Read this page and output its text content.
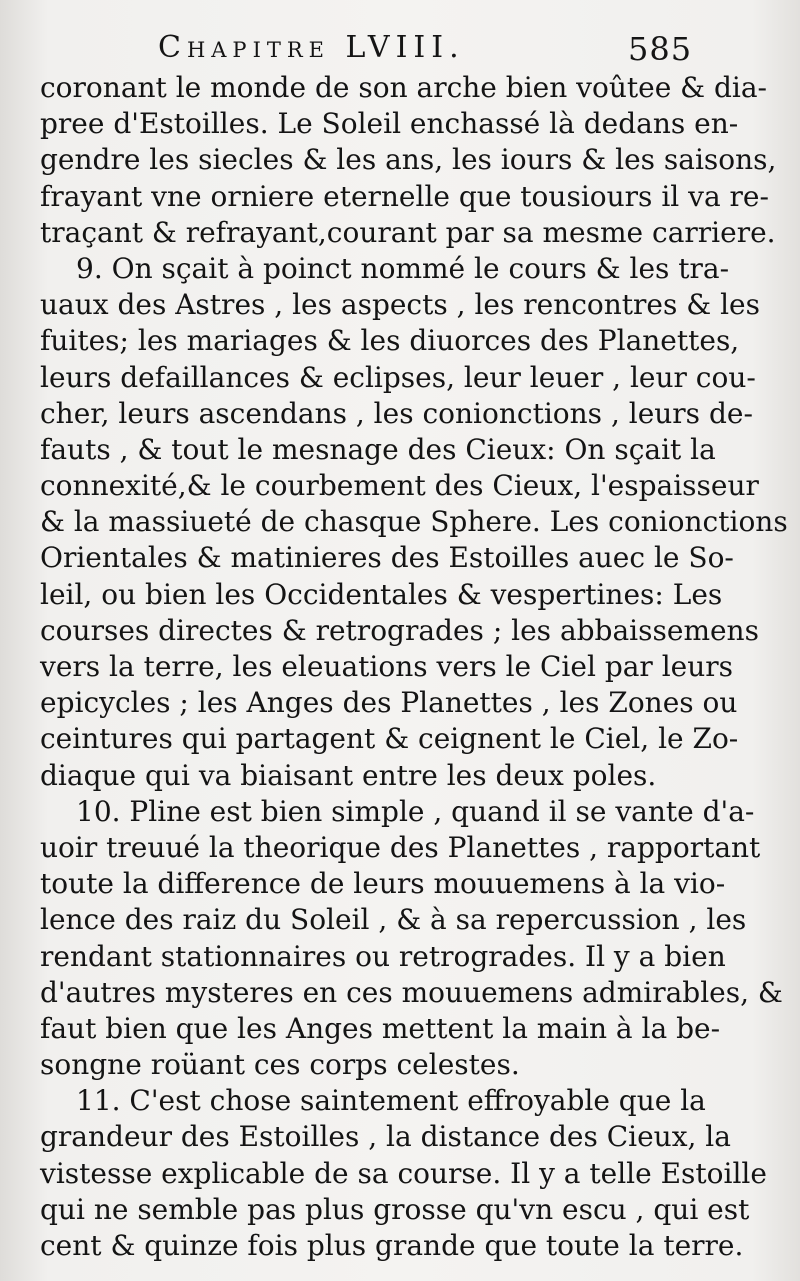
Chapitre LVIII.	585
coronant le monde de son arche bien voûtee & dia-
pree d'Estoilles. Le Soleil enchassé là dedans en-
gendre les siecles & les ans, les iours & les saisons,
frayant vne orniere eternelle que tousiours il va re-
traçant & refrayant,courant par sa mesme carriere.
9. On sçait à poinct nommé le cours & les tra-
uaux des Astres , les aspects , les rencontres & les
fuites; les mariages & les diuorces des Planettes,
leurs defaillances & eclipses, leur leuer , leur cou-
cher, leurs ascendans , les conionctions , leurs de-
fauts , & tout le mesnage des Cieux: On sçait la
connexité,& le courbement des Cieux, l'espaisseur
& la massiueté de chasque Sphere. Les conionctions
Orientales & matinieres des Estoilles auec le So-
leil, ou bien les Occidentales & vespertines: Les
courses directes & retrogrades ; les abbaissemens
vers la terre, les eleuations vers le Ciel par leurs
epicycles ; les Anges des Planettes , les Zones ou
ceintures qui partagent & ceignent le Ciel, le Zo-
diaque qui va biaisant entre les deux poles.
10. Pline est bien simple , quand il se vante d'a-
uoir treuué la theorique des Planettes , rapportant
toute la difference de leurs mouuemens à la vio-
lence des raiz du Soleil , & à sa repercussion , les
rendant stationnaires ou retrogrades. Il y a bien
d'autres mysteres en ces mouuemens admirables, &
faut bien que les Anges mettent la main à la be-
songne roüant ces corps celestes.
11. C'est chose saintement effroyable que la
grandeur des Estoilles , la distance des Cieux, la
vistesse explicable de sa course. Il y a telle Estoille
qui ne semble pas plus grosse qu'vn escu , qui est
cent & quinze fois plus grande que toute la terre.
